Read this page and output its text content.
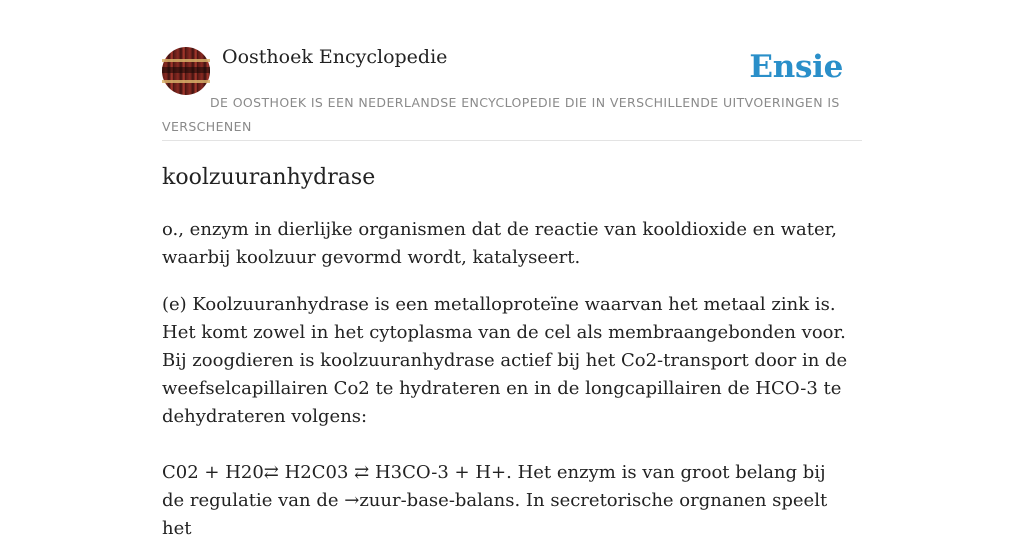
Oosthoek Encyclopedie	Ensie
DE OOSTHOEK IS EEN NEDERLANDSE ENCYCLOPEDIE DIE IN VERSCHILLENDE UITVOERINGEN IS VERSCHENEN
koolzuuranhydrase

o., enzym in dierlijke organismen dat de reactie van kooldioxide en water, waarbij koolzuur gevormd wordt, katalyseert.

(e) Koolzuuranhydrase is een metalloproteïne waarvan het metaal zink is. Het komt zowel in het cytoplasma van de cel als membraangebonden voor. Bij zoogdieren is koolzuuranhydrase actief bij het Co2-transport door in de weefselcapillairen Co2 te hydrateren en in de longcapillairen de HCO-3 te dehydrateren volgens:

C02 + H20⇄ H2C03 ⇄ H3CO-3 + H+. Het enzym is van groot belang bij de regulatie van de →zuur-base-balans. In secretorische orgnanen speelt het
